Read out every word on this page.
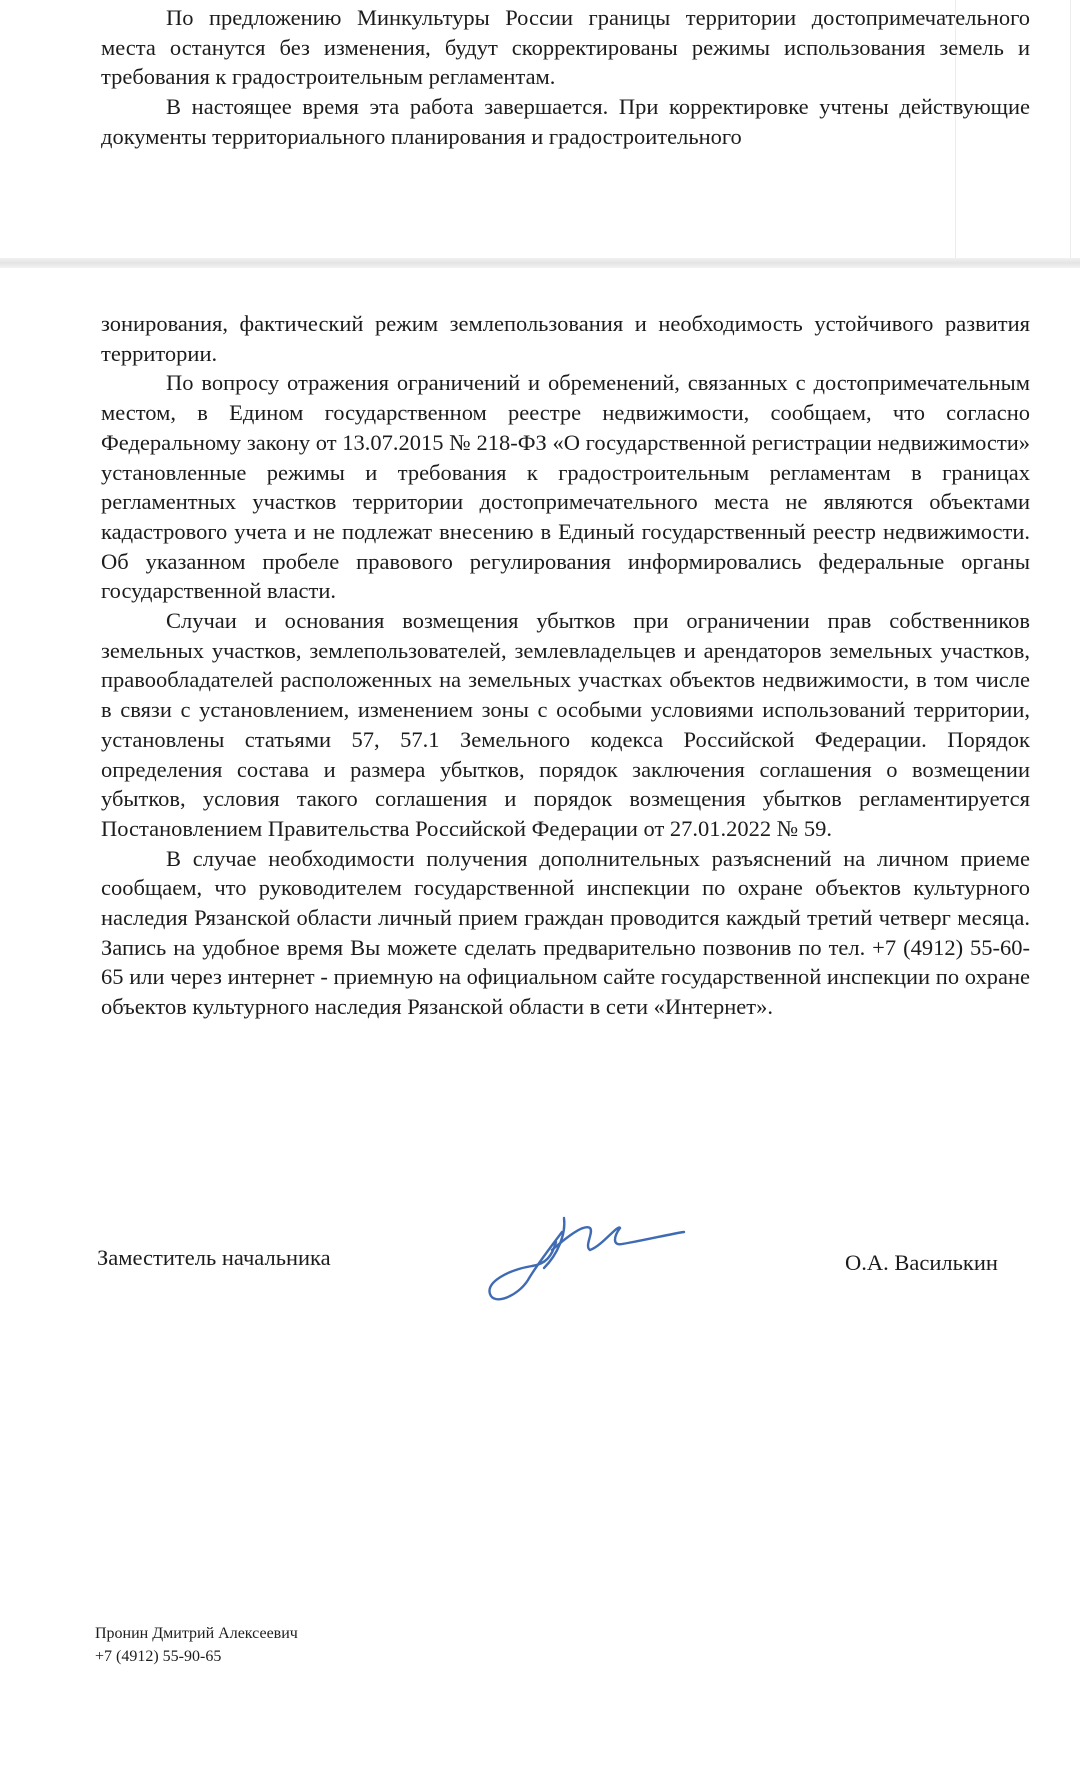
По предложению Минкультуры России границы территории достопримечательного места останутся без изменения, будут скорректированы режимы использования земель и требования к градостроительным регламентам.

В настоящее время эта работа завершается. При корректировке учтены действующие документы территориального планирования и градостроительного

зонирования, фактический режим землепользования и необходимость устойчивого развития территории.

По вопросу отражения ограничений и обременений, связанных с достопримечательным местом, в Едином государственном реестре недвижимости, сообщаем, что согласно Федеральному закону от 13.07.2015 № 218-ФЗ «О государственной регистрации недвижимости» установленные режимы и требования к градостроительным регламентам в границах регламентных участков территории достопримечательного места не являются объектами кадастрового учета и не подлежат внесению в Единый государственный реестр недвижимости. Об указанном пробеле правового регулирования информировались федеральные органы государственной власти.

Случаи и основания возмещения убытков при ограничении прав собственников земельных участков, землепользователей, землевладельцев и арендаторов земельных участков, правообладателей расположенных на земельных участках объектов недвижимости, в том числе в связи с установлением, изменением зоны с особыми условиями использований территории, установлены статьями 57, 57.1 Земельного кодекса Российской Федерации. Порядок определения состава и размера убытков, порядок заключения соглашения о возмещении убытков, условия такого соглашения и порядок возмещения убытков регламентируется Постановлением Правительства Российской Федерации от 27.01.2022 № 59.

В случае необходимости получения дополнительных разъяснений на личном приеме сообщаем, что руководителем государственной инспекции по охране объектов культурного наследия Рязанской области личный прием граждан проводится каждый третий четверг месяца. Запись на удобное время Вы можете сделать предварительно позвонив по тел. +7 (4912) 55-60-65 или через интернет - приемную на официальном сайте государственной инспекции по охране объектов культурного наследия Рязанской области в сети «Интернет».

Заместитель начальника	О.А. Василькин
Пронин Дмитрий Алексеевич
+7 (4912) 55-90-65
